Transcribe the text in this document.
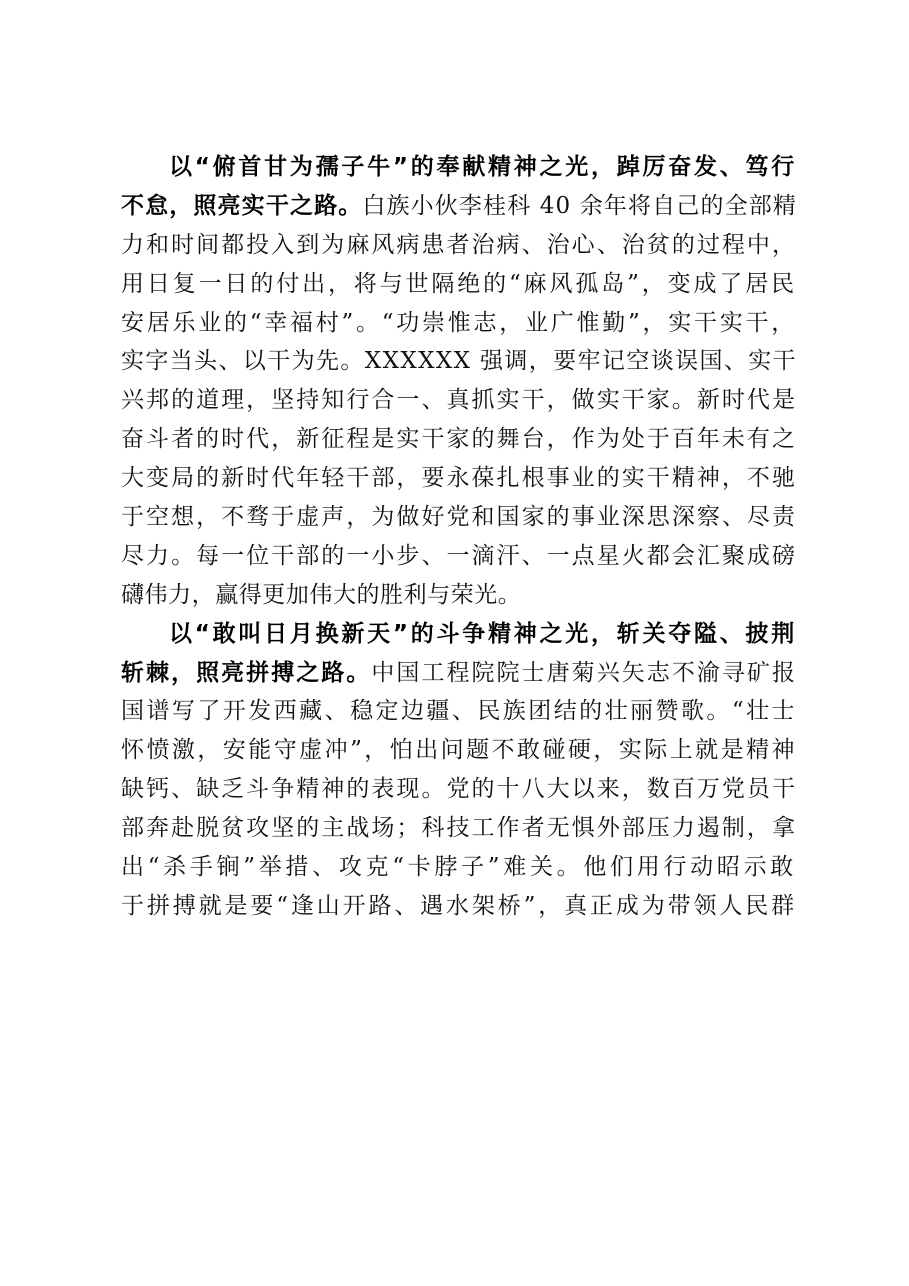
以“俯首甘为孺子牛”的奉献精神之光，踔厉奋发、笃行
不怠，照亮实干之路。白族小伙李桂科 40 余年将自己的全部精
力和时间都投入到为麻风病患者治病、治心、治贫的过程中，
用日复一日的付出，将与世隔绝的“麻风孤岛”，变成了居民
安居乐业的“幸福村”。“功崇惟志，业广惟勤”，实干实干，
实字当头、以干为先。XXXXXX 强调，要牢记空谈误国、实干
兴邦的道理，坚持知行合一、真抓实干，做实干家。新时代是
奋斗者的时代，新征程是实干家的舞台，作为处于百年未有之
大变局的新时代年轻干部，要永葆扎根事业的实干精神，不驰
于空想，不骛于虚声，为做好党和国家的事业深思深察、尽责
尽力。每一位干部的一小步、一滴汗、一点星火都会汇聚成磅
礴伟力，赢得更加伟大的胜利与荣光。
以“敢叫日月换新天”的斗争精神之光，斩关夺隘、披荆
斩棘，照亮拼搏之路。中国工程院院士唐菊兴矢志不渝寻矿报
国谱写了开发西藏、稳定边疆、民族团结的壮丽赞歌。“壮士
怀愤激，安能守虚冲”，怕出问题不敢碰硬，实际上就是精神
缺钙、缺乏斗争精神的表现。党的十八大以来，数百万党员干
部奔赴脱贫攻坚的主战场；科技工作者无惧外部压力遏制，拿
出“杀手锏”举措、攻克“卡脖子”难关。他们用行动昭示敢
于拼搏就是要“逢山开路、遇水架桥”，真正成为带领人民群
